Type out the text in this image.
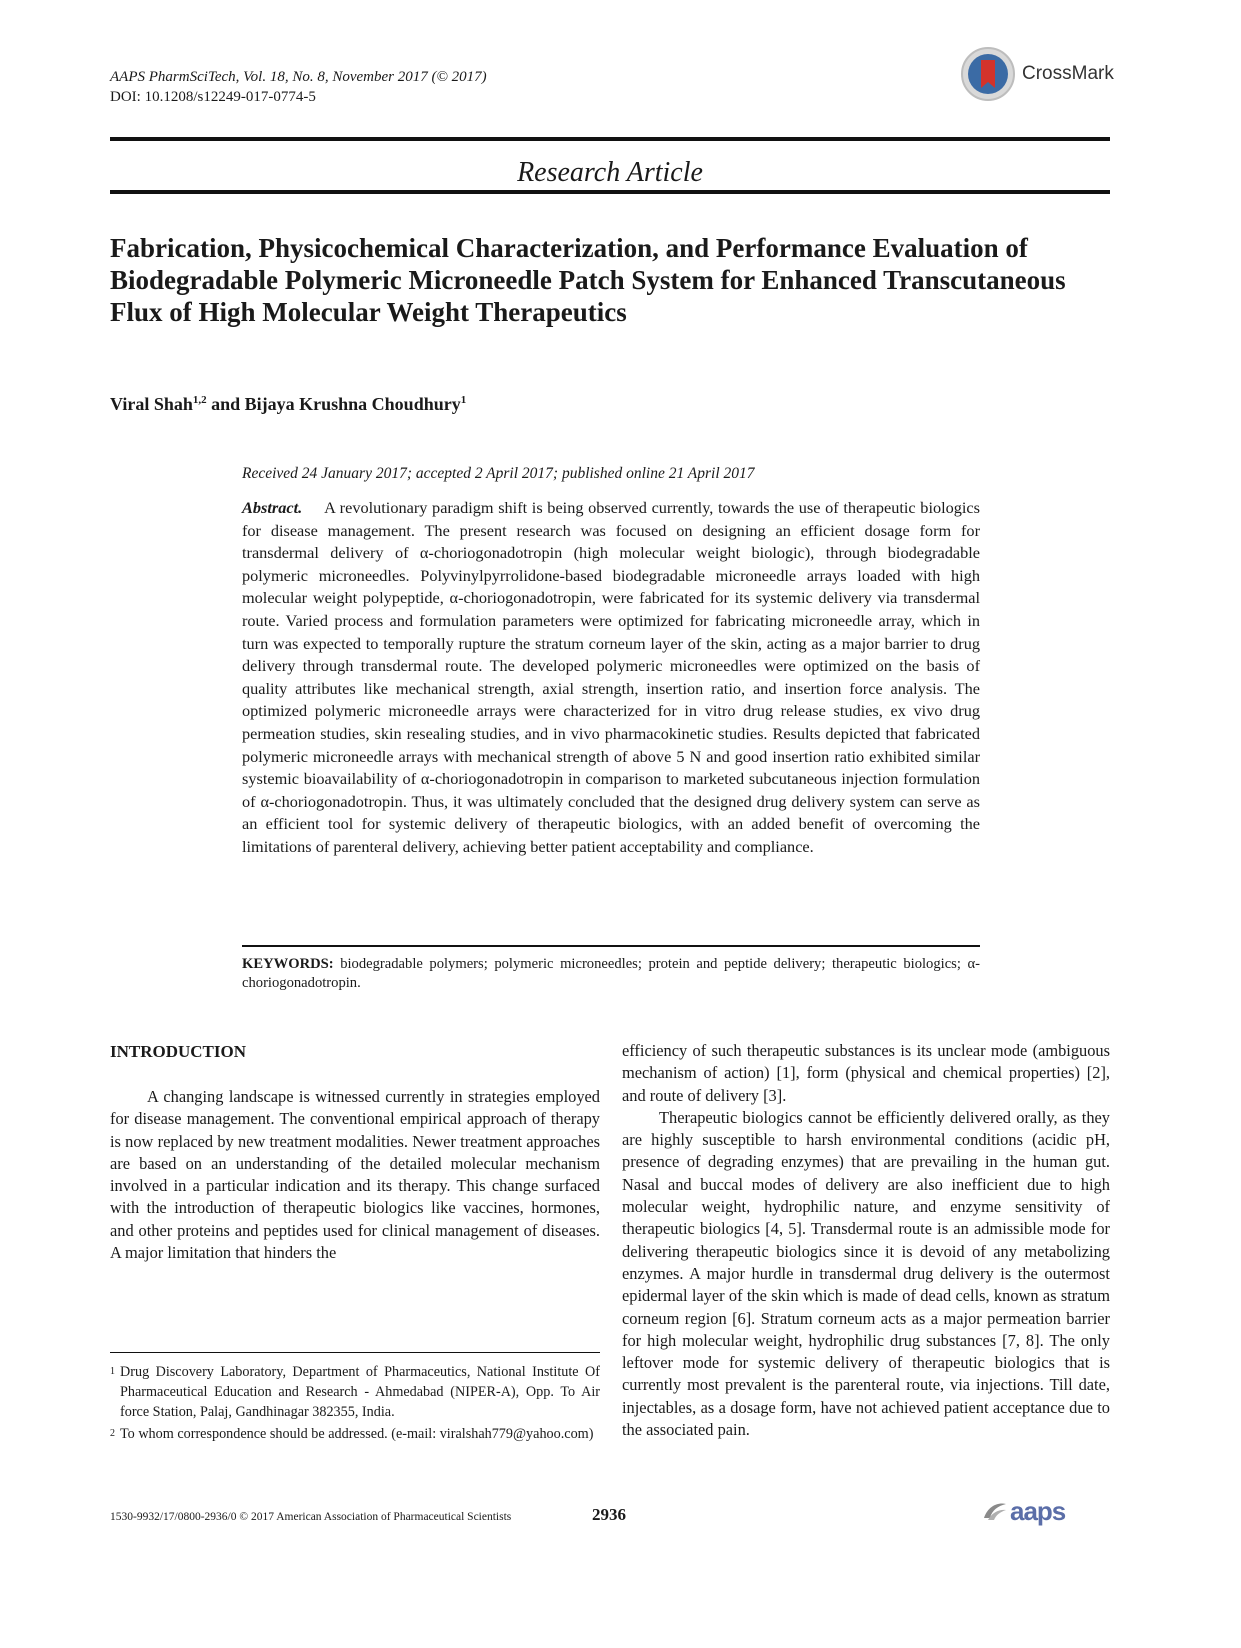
AAPS PharmSciTech, Vol. 18, No. 8, November 2017 (© 2017)
DOI: 10.1208/s12249-017-0774-5
CrossMark
Research Article
Fabrication, Physicochemical Characterization, and Performance Evaluation of Biodegradable Polymeric Microneedle Patch System for Enhanced Transcutaneous Flux of High Molecular Weight Therapeutics
Viral Shah$^{1,2}$ and Bijaya Krushna Choudhury$^1$
Received 24 January 2017; accepted 2 April 2017; published online 21 April 2017
Abstract. A revolutionary paradigm shift is being observed currently, towards the use of therapeutic biologics for disease management. The present research was focused on designing an efficient dosage form for transdermal delivery of α-choriogonadotropin (high molecular weight biologic), through biodegradable polymeric microneedles. Polyvinylpyrrolidone-based biodegradable microneedle arrays loaded with high molecular weight polypeptide, α-choriogonadotropin, were fabricated for its systemic delivery via transdermal route. Varied process and formulation parameters were optimized for fabricating microneedle array, which in turn was expected to temporally rupture the stratum corneum layer of the skin, acting as a major barrier to drug delivery through transdermal route. The developed polymeric microneedles were optimized on the basis of quality attributes like mechanical strength, axial strength, insertion ratio, and insertion force analysis. The optimized polymeric microneedle arrays were characterized for in vitro drug release studies, ex vivo drug permeation studies, skin resealing studies, and in vivo pharmacokinetic studies. Results depicted that fabricated polymeric microneedle arrays with mechanical strength of above 5 N and good insertion ratio exhibited similar systemic bioavailability of α-choriogonadotropin in comparison to marketed subcutaneous injection formulation of α-choriogonadotropin. Thus, it was ultimately concluded that the designed drug delivery system can serve as an efficient tool for systemic delivery of therapeutic biologics, with an added benefit of overcoming the limitations of parenteral delivery, achieving better patient acceptability and compliance.
KEYWORDS: biodegradable polymers; polymeric microneedles; protein and peptide delivery; therapeutic biologics; α-choriogonadotropin.
INTRODUCTION

A changing landscape is witnessed currently in strategies employed for disease management. The conventional empirical approach of therapy is now replaced by new treatment modalities. Newer treatment approaches are based on an understanding of the detailed molecular mechanism involved in a particular indication and its therapy. This change surfaced with the introduction of therapeutic biologics like vaccines, hormones, and other proteins and peptides used for clinical management of diseases. A major limitation that hinders the

efficiency of such therapeutic substances is its unclear mode (ambiguous mechanism of action) [1], form (physical and chemical properties) [2], and route of delivery [3].

Therapeutic biologics cannot be efficiently delivered orally, as they are highly susceptible to harsh environmental conditions (acidic pH, presence of degrading enzymes) that are prevailing in the human gut. Nasal and buccal modes of delivery are also inefficient due to high molecular weight, hydrophilic nature, and enzyme sensitivity of therapeutic biologics [4, 5]. Transdermal route is an admissible mode for delivering therapeutic biologics since it is devoid of any metabolizing enzymes. A major hurdle in transdermal drug delivery is the outermost epidermal layer of the skin which is made of dead cells, known as stratum corneum region [6]. Stratum corneum acts as a major permeation barrier for high molecular weight, hydrophilic drug substances [7, 8]. The only leftover mode for systemic delivery of therapeutic biologics that is currently most prevalent is the parenteral route, via injections. Till date, injectables, as a dosage form, have not achieved patient acceptance due to the associated pain.

1 Drug Discovery Laboratory, Department of Pharmaceutics, National Institute Of Pharmaceutical Education and Research - Ahmedabad (NIPER-A), Opp. To Air force Station, Palaj, Gandhinagar 382355, India.

2 To whom correspondence should be addressed. (e-mail: viralshah779@yahoo.com)

1530-9932/17/0800-2936/0 © 2017 American Association of Pharmaceutical Scientists	2936	aaps
